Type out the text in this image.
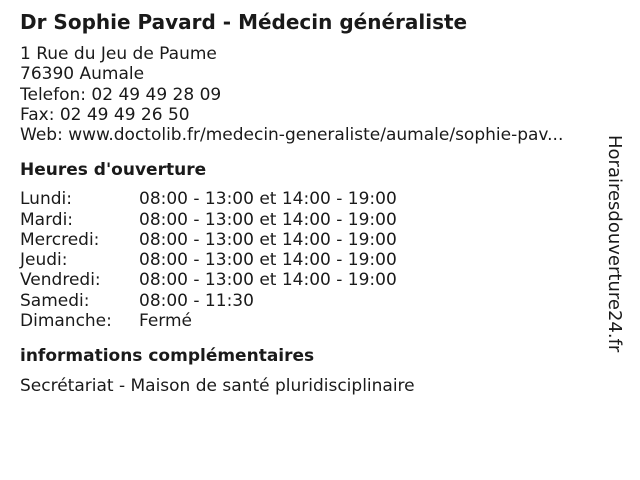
Dr Sophie Pavard - Médecin généraliste
1 Rue du Jeu de Paume
76390 Aumale
Telefon: 02 49 49 28 09
Fax: 02 49 49 26 50
Web: www.doctolib.fr/medecin-generaliste/aumale/sophie-pav...
Heures d'ouverture
Lundi:	08:00 - 13:00 et 14:00 - 19:00
Mardi:	08:00 - 13:00 et 14:00 - 19:00
Mercredi:	08:00 - 13:00 et 14:00 - 19:00
Jeudi:	08:00 - 13:00 et 14:00 - 19:00
Vendredi:	08:00 - 13:00 et 14:00 - 19:00
Samedi:	08:00 - 11:30
Dimanche:	Fermé
informations complémentaires
Secrétariat - Maison de santé pluridisciplinaire
Horairesdouverture24.fr
